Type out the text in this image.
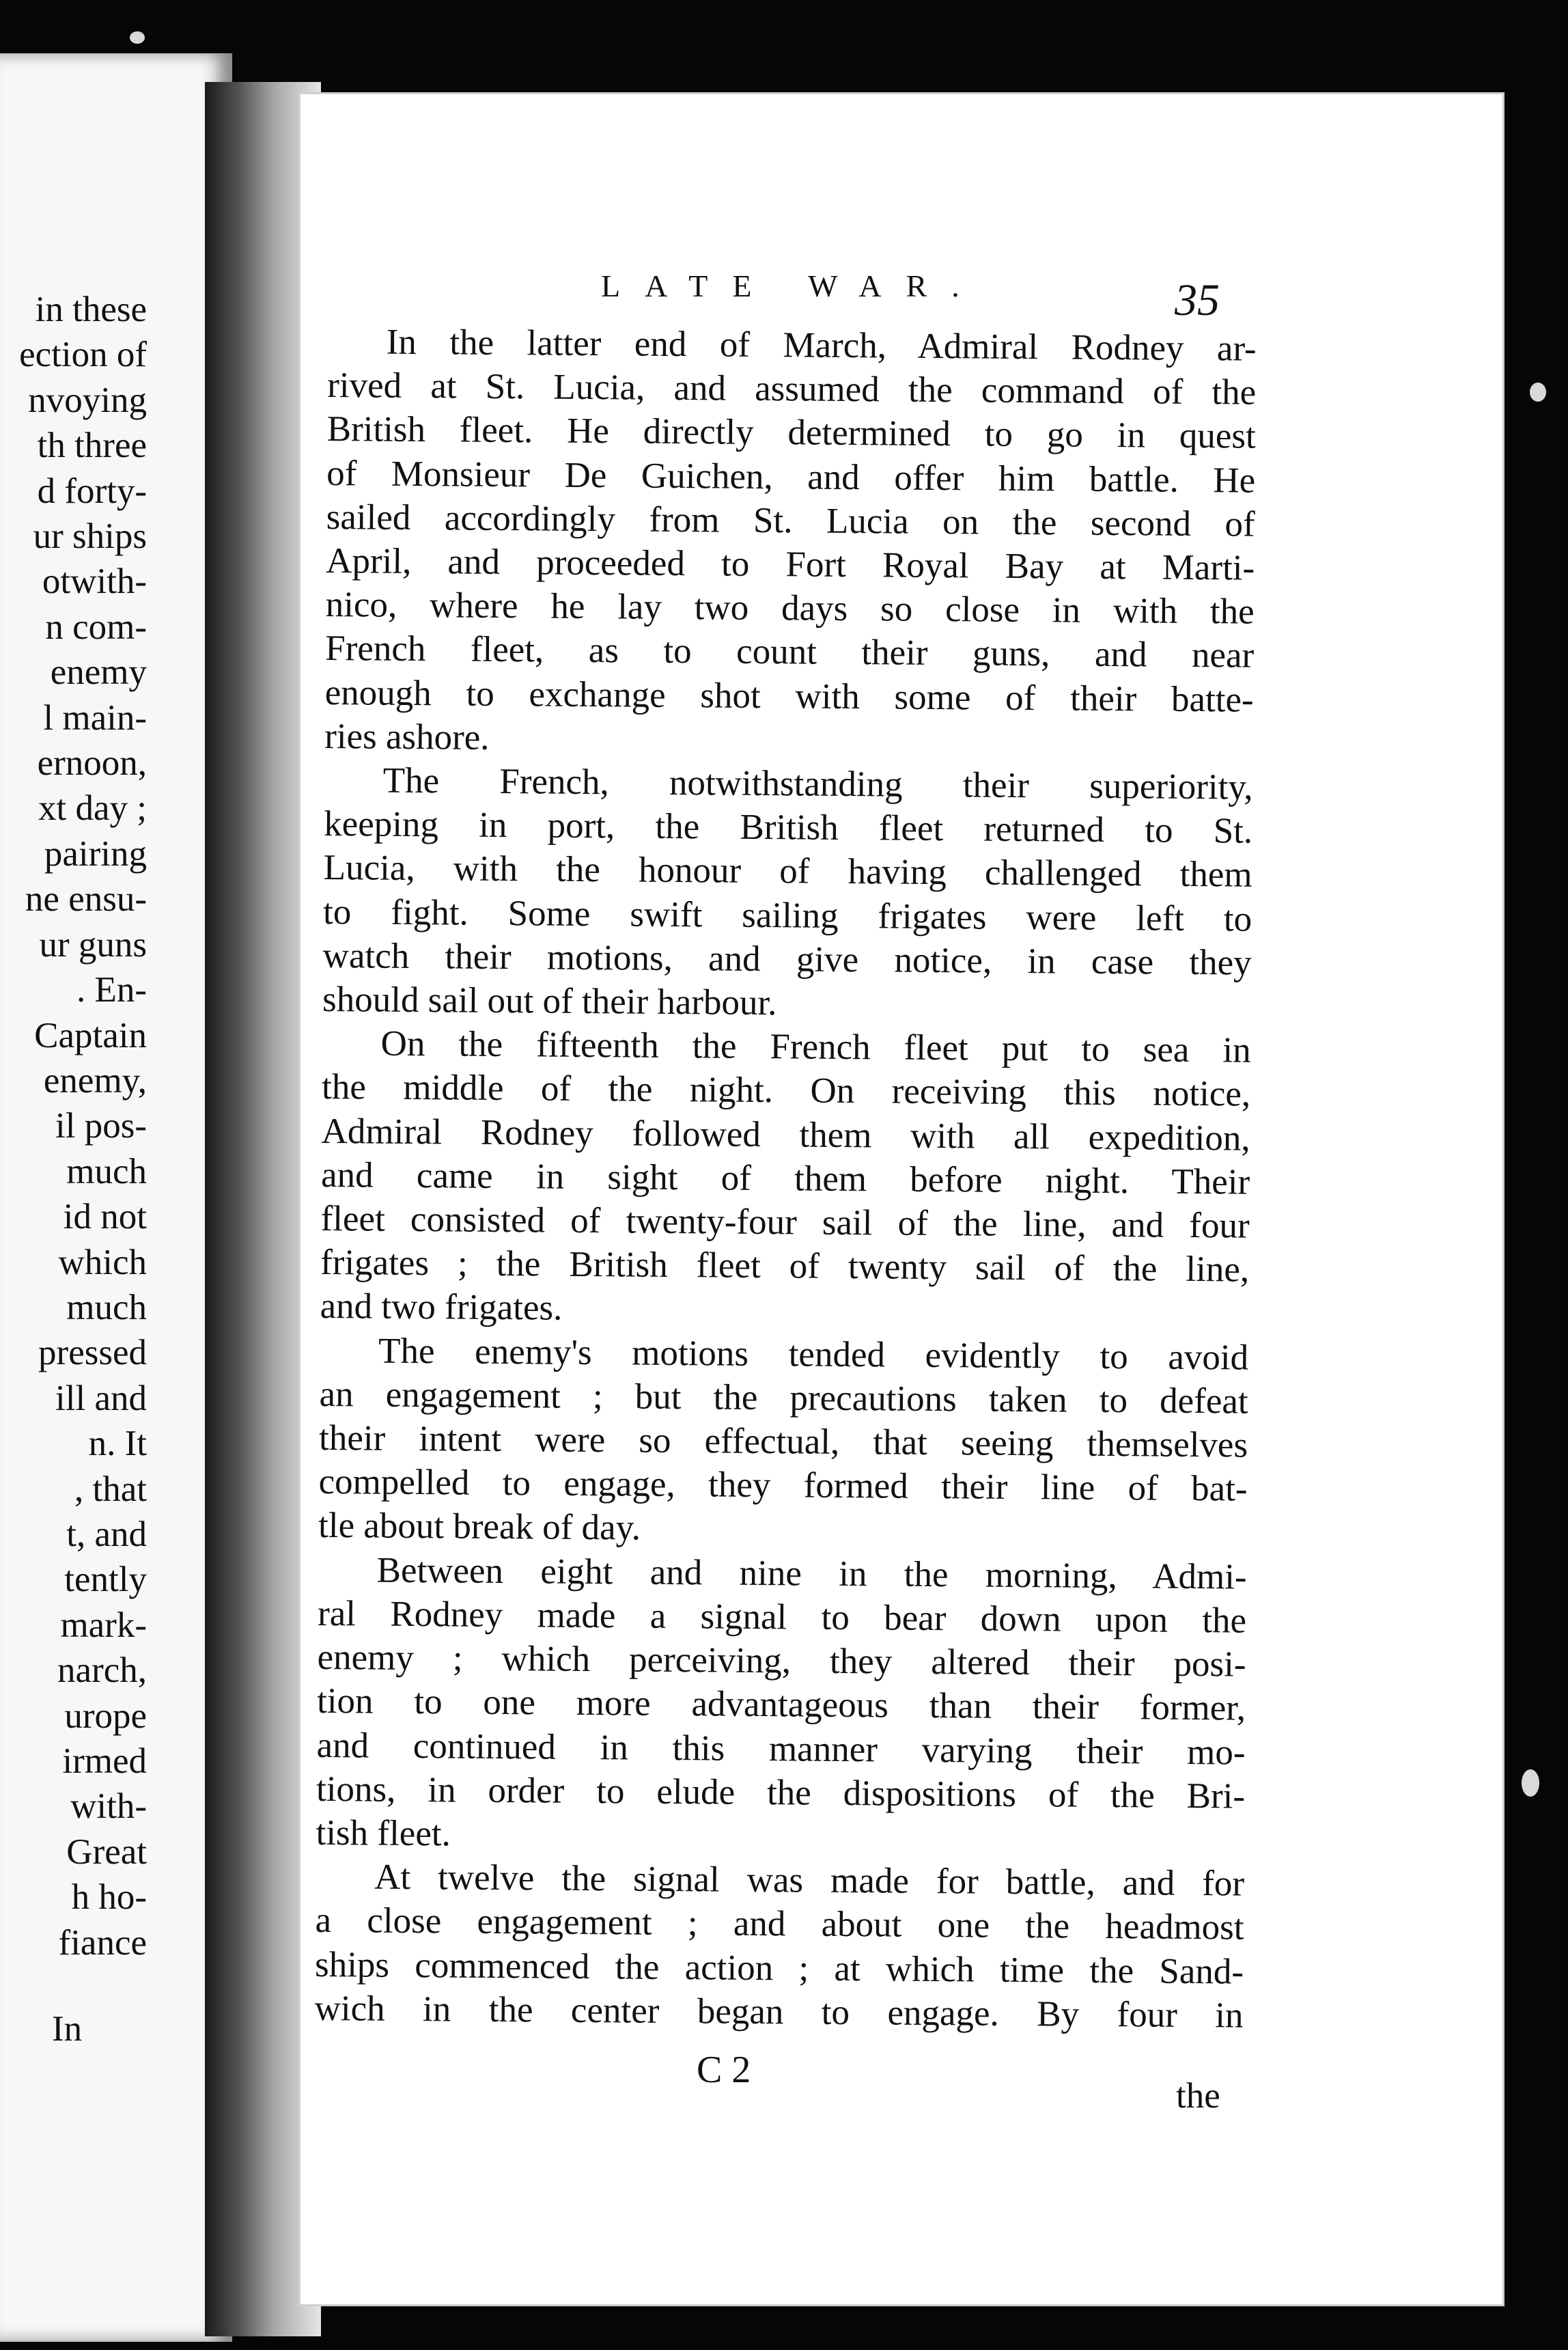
in these
ection of
nvoying
th three
d forty-
ur ships
otwith-
n com-
enemy
l main-
ernoon,
xt day ;
pairing
ne ensu-
ur guns
. En-
Captain
enemy,
il pos-
much
id not
which
much
pressed
ill and
n. It
, that
t, and
tently
mark-
narch,
urope
irmed
with-
Great
h ho-
fiance
In
LATE WAR.	35
In the latter end of March, Admiral Rodney ar-
rived at St. Lucia, and assumed the command of the
British fleet. He directly determined to go in quest
of Monsieur De Guichen, and offer him battle. He
sailed accordingly from St. Lucia on the second of
April, and proceeded to Fort Royal Bay at Marti-
nico, where he lay two days so close in with the
French fleet, as to count their guns, and near
enough to exchange shot with some of their batte-
ries ashore.
The French, notwithstanding their superiority,
keeping in port, the British fleet returned to St.
Lucia, with the honour of having challenged them
to fight. Some swift sailing frigates were left to
watch their motions, and give notice, in case they
should sail out of their harbour.
On the fifteenth the French fleet put to sea in
the middle of the night. On receiving this notice,
Admiral Rodney followed them with all expedition,
and came in sight of them before night. Their
fleet consisted of twenty-four sail of the line, and four
frigates ; the British fleet of twenty sail of the line,
and two frigates.
The enemy's motions tended evidently to avoid
an engagement ; but the precautions taken to defeat
their intent were so effectual, that seeing themselves
compelled to engage, they formed their line of bat-
tle about break of day.
Between eight and nine in the morning, Admi-
ral Rodney made a signal to bear down upon the
enemy ; which perceiving, they altered their posi-
tion to one more advantageous than their former,
and continued in this manner varying their mo-
tions, in order to elude the dispositions of the Bri-
tish fleet.
At twelve the signal was made for battle, and for
a close engagement ; and about one the headmost
ships commenced the action ; at which time the Sand-
wich in the center began to engage. By four in
C 2
the
